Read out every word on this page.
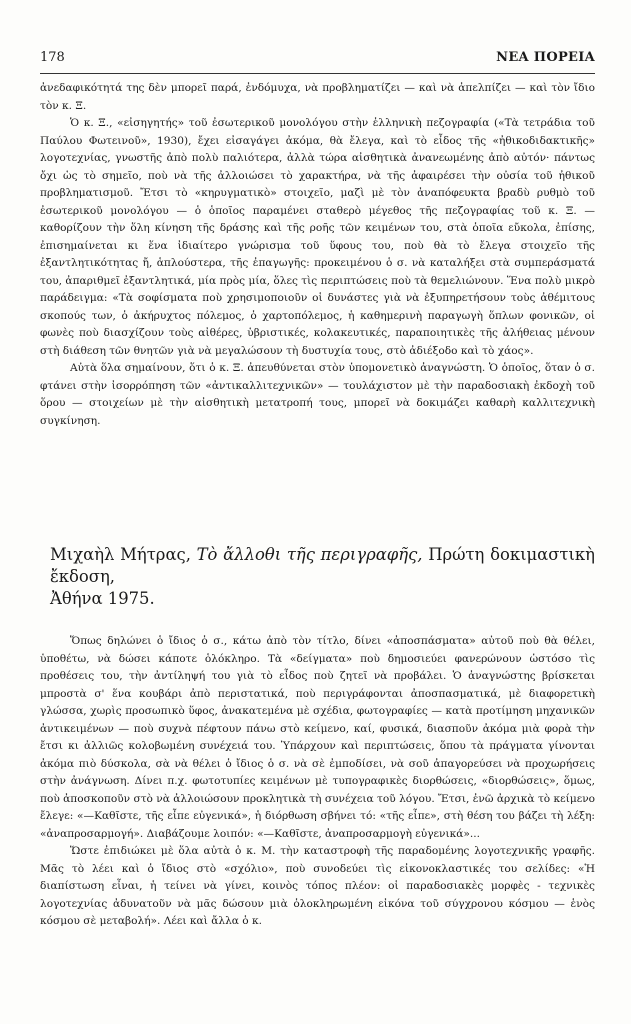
178	ΝΕΑ ΠΟΡΕΙΑ

ἀνεδαφικότητά της δὲν μπορεῖ παρά, ἐνδόμυχα, νὰ προβληματίζει — καὶ νὰ ἀπελπίζει — καὶ τὸν ἴδιο τὸν κ. Ξ.

Ὁ κ. Ξ., «εἰσηγητής» τοῦ ἐσωτερικοῦ μονολόγου στὴν ἑλληνικὴ πεζογραφία («Τὰ τετράδια τοῦ Παύλου Φωτεινοῦ», 1930), ἔχει εἰσαγάγει ἀκόμα, θὰ ἔλεγα, καὶ τὸ εἶδος τῆς «ἠθικοδιδακτικῆς» λογοτεχνίας, γνωστῆς ἀπὸ πολὺ παλιότερα, ἀλλὰ τώρα αἰσθητικὰ ἀνανεωμένης ἀπὸ αὐτόν· πάντως ὄχι ὡς τὸ σημεῖο, ποὺ νὰ τῆς ἀλλοιώσει τὸ χαρακτήρα, νὰ τῆς ἀφαιρέσει τὴν οὐσία τοῦ ἠθικοῦ προβληματισμοῦ. Ἔτσι τὸ «κηρυγματικὸ» στοιχεῖο, μαζὶ μὲ τὸν ἀναπόφευκτα βραδὺ ρυθμὸ τοῦ ἐσωτερικοῦ μονολόγου — ὁ ὁποῖος παραμένει σταθερὸ μέγεθος τῆς πεζογραφίας τοῦ κ. Ξ. — καθορίζουν τὴν ὅλη κίνηση τῆς δράσης καὶ τῆς ροῆς τῶν κειμένων του, στὰ ὁποῖα εὔκολα, ἐπίσης, ἐπισημαίνεται κι ἕνα ἰδιαίτερο γνώρισμα τοῦ ὕφους του, ποὺ θὰ τὸ ἔλεγα στοιχεῖο τῆς ἐξαντλητικότητας ἤ, ἁπλούστερα, τῆς ἐπαγωγῆς: προκειμένου ὁ σ. νὰ καταλήξει στὰ συμπεράσματά του, ἀπαριθμεῖ ἐξαντλητικά, μία πρὸς μία, ὅλες τὶς περιπτώσεις ποὺ τὰ θεμελιώνουν. Ἕνα πολὺ μικρὸ παράδειγμα: «Τὰ σοφίσματα ποὺ χρησιμοποιοῦν οἱ δυνάστες γιὰ νὰ ἐξυπηρετήσουν τοὺς ἀθέμιτους σκοπούς των, ὁ ἀκήρυχτος πόλεμος, ὁ χαρτοπόλεμος, ἡ καθημερινὴ παραγωγὴ ὅπλων φονικῶν, οἱ φωνὲς ποὺ διασχίζουν τοὺς αἰθέρες, ὑβριστικές, κολακευτικές, παραποιητικὲς τῆς ἀλήθειας μένουν στὴ διάθεση τῶν θνητῶν γιὰ νὰ μεγαλώσουν τὴ δυστυχία τους, στὸ ἀδιέξοδο καὶ τὸ χάος».

Αὐτὰ ὅλα σημαίνουν, ὅτι ὁ κ. Ξ. ἀπευθύνεται στὸν ὑπομονετικὸ ἀναγνώστη. Ὁ ὁποῖος, ὅταν ὁ σ. φτάνει στὴν ἰσορρόπηση τῶν «ἀντικαλλιτεχνικῶν» — τουλάχιστον μὲ τὴν παραδοσιακὴ ἐκδοχὴ τοῦ ὅρου — στοιχείων μὲ τὴν αἰσθητικὴ μετατροπή τους, μπορεῖ νὰ δοκιμάζει καθαρὴ καλλιτεχνικὴ συγκίνηση.

Μιχαὴλ Μήτρας, Τὸ ἄλλοθι τῆς περιγραφῆς, Πρώτη δοκιμαστικὴ ἔκδοση,
Ἀθήνα 1975.

Ὅπως δηλώνει ὁ ἴδιος ὁ σ., κάτω ἀπὸ τὸν τίτλο, δίνει «ἀποσπάσματα» αὐτοῦ ποὺ θὰ θέλει, ὑποθέτω, νὰ δώσει κάποτε ὁλόκληρο. Τὰ «δείγματα» ποὺ δημοσιεύει φανερώνουν ὡστόσο τὶς προθέσεις του, τὴν ἀντίληψή του γιὰ τὸ εἶδος ποὺ ζητεῖ νὰ προβάλει. Ὁ ἀναγνώστης βρίσκεται μπροστὰ σ' ἕνα κουβάρι ἀπὸ περιστατικά, ποὺ περιγράφονται ἀποσπασματικά, μὲ διαφορετικὴ γλώσσα, χωρὶς προσωπικὸ ὕφος, ἀνακατεμένα μὲ σχέδια, φωτογραφίες — κατὰ προτίμηση μηχανικῶν ἀντικειμένων — ποὺ συχνὰ πέφτουν πάνω στὸ κείμενο, καί, φυσικά, διασποῦν ἀκόμα μιὰ φορὰ τὴν ἔτσι κι ἀλλιῶς κολοβωμένη συνέχειά του. Ὑπάρχουν καὶ περιπτώσεις, ὅπου τὰ πράγματα γίνονται ἀκόμα πιὸ δύσκολα, σὰ νὰ θέλει ὁ ἴδιος ὁ σ. νὰ σὲ ἐμποδίσει, νὰ σοῦ ἀπαγορεύσει νὰ προχωρήσεις στὴν ἀνάγνωση. Δίνει π.χ. φωτοτυπίες κειμένων μὲ τυπογραφικὲς διορθώσεις, «διορθώσεις», ὅμως, ποὺ ἀποσκοποῦν στὸ νὰ ἀλλοιώσουν προκλητικὰ τὴ συνέχεια τοῦ λόγου. Ἔτσι, ἐνῶ ἀρχικὰ τὸ κείμενο ἔλεγε: «—Καθῖστε, τῆς εἶπε εὐγενικά», ἡ διόρθωση σβήνει τό: «τῆς εἶπε», στὴ θέση του βάζει τὴ λέξη: «ἀναπροσαρμογή». Διαβάζουμε λοιπόν: «—Καθῖστε, ἀναπροσαρμογὴ εὐγενικά»...

Ὥστε ἐπιδιώκει μὲ ὅλα αὐτὰ ὁ κ. Μ. τὴν καταστροφὴ τῆς παραδομένης λογοτεχνικῆς γραφῆς. Μᾶς τὸ λέει καὶ ὁ ἴδιος στὸ «σχόλιο», ποὺ συνοδεύει τὶς εἰκονοκλαστικές του σελίδες: «Ἡ διαπίστωση εἶναι, ἡ τείνει νὰ γίνει, κοινὸς τόπος πλέον: οἱ παραδοσιακὲς μορφὲς - τεχνικὲς λογοτεχνίας ἀδυνατοῦν νὰ μᾶς δώσουν μιὰ ὁλοκληρωμένη εἰκόνα τοῦ σύγχρονου κόσμου — ἑνὸς κόσμου σὲ μεταβολή». Λέει καὶ ἄλλα ὁ κ.
